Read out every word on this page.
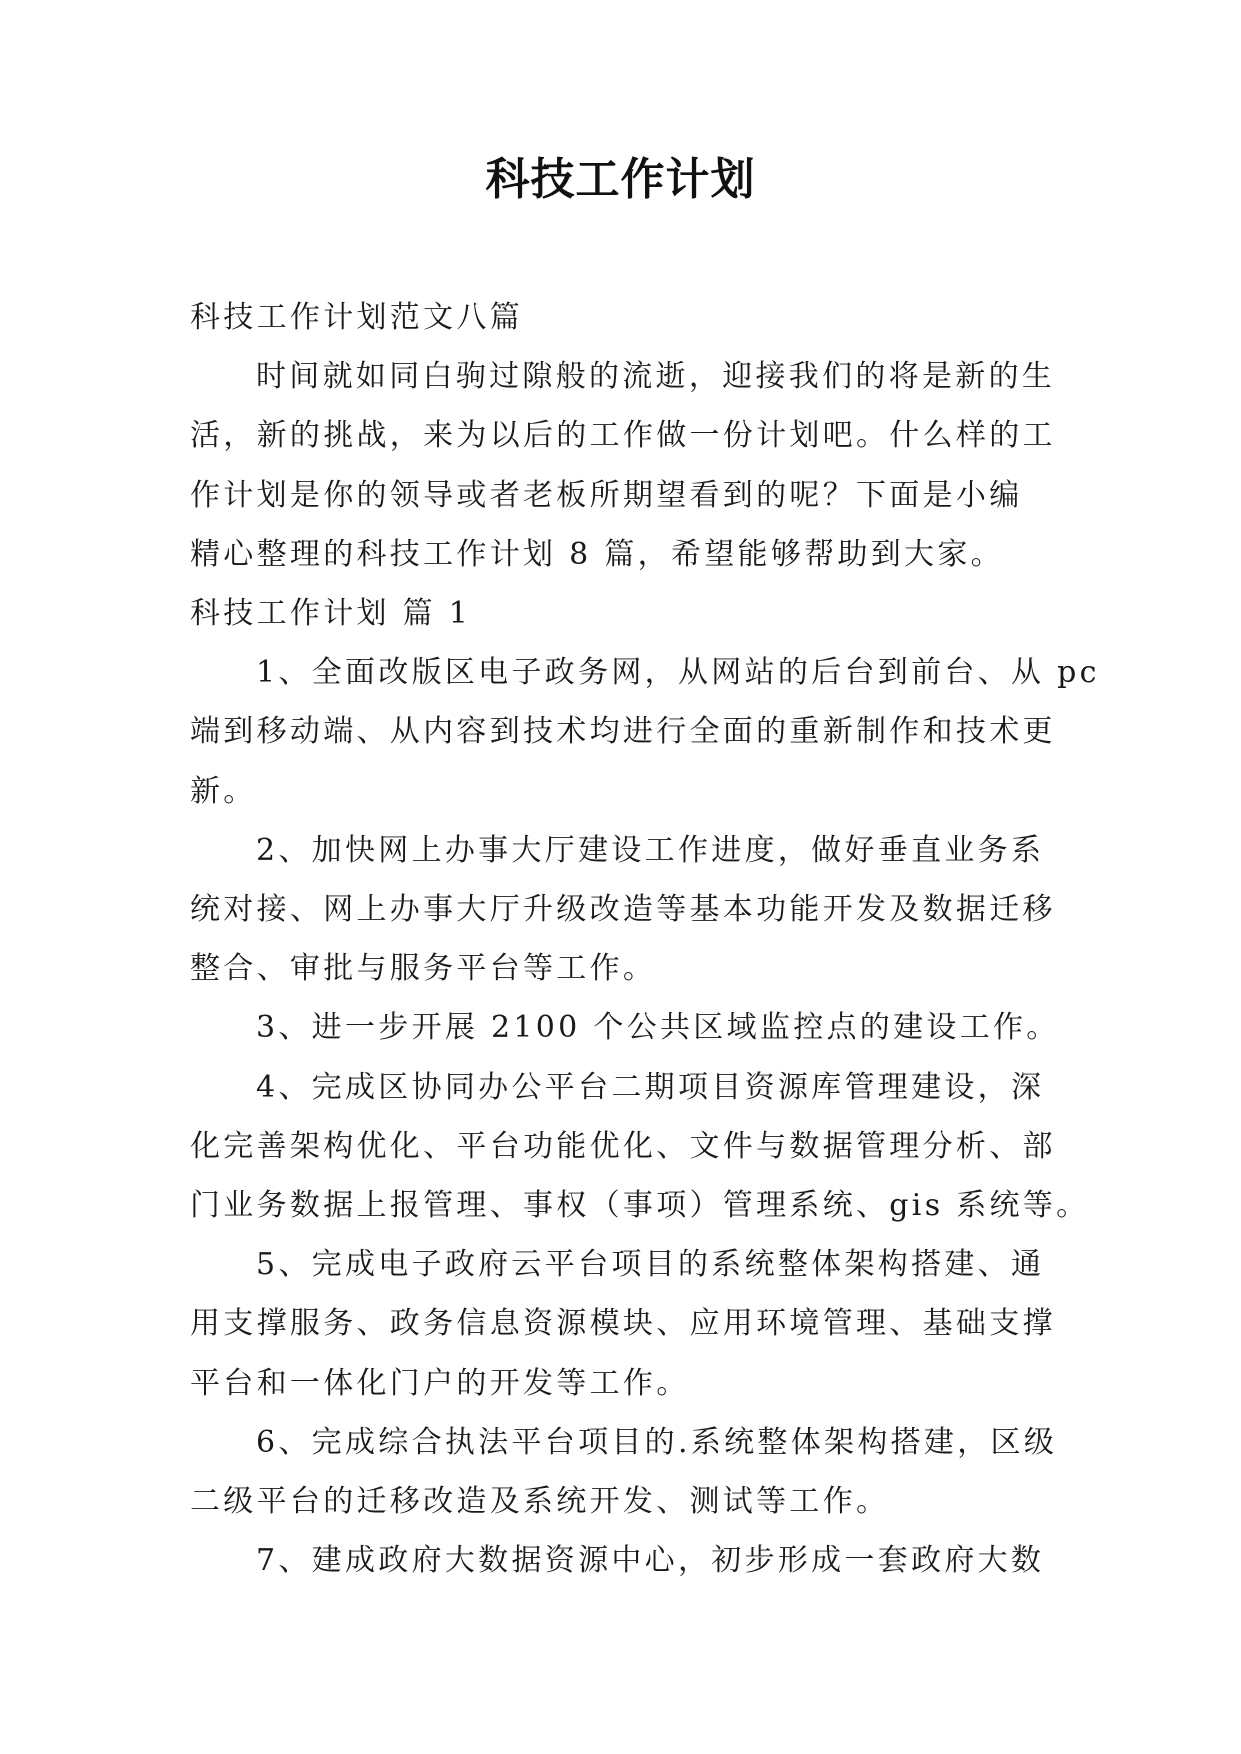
科技工作计划
科技工作计划范文八篇
时间就如同白驹过隙般的流逝，迎接我们的将是新的生
活，新的挑战，来为以后的工作做一份计划吧。什么样的工
作计划是你的领导或者老板所期望看到的呢？下面是小编
精心整理的科技工作计划 8 篇，希望能够帮助到大家。
科技工作计划 篇 1
1、全面改版区电子政务网，从网站的后台到前台、从 pc
端到移动端、从内容到技术均进行全面的重新制作和技术更
新。
2、加快网上办事大厅建设工作进度，做好垂直业务系
统对接、网上办事大厅升级改造等基本功能开发及数据迁移
整合、审批与服务平台等工作。
3、进一步开展 2100 个公共区域监控点的建设工作。
4、完成区协同办公平台二期项目资源库管理建设，深
化完善架构优化、平台功能优化、文件与数据管理分析、部
门业务数据上报管理、事权（事项）管理系统、gis 系统等。
5、完成电子政府云平台项目的系统整体架构搭建、通
用支撑服务、政务信息资源模块、应用环境管理、基础支撑
平台和一体化门户的开发等工作。
6、完成综合执法平台项目的.系统整体架构搭建，区级
二级平台的迁移改造及系统开发、测试等工作。
7、建成政府大数据资源中心，初步形成一套政府大数
